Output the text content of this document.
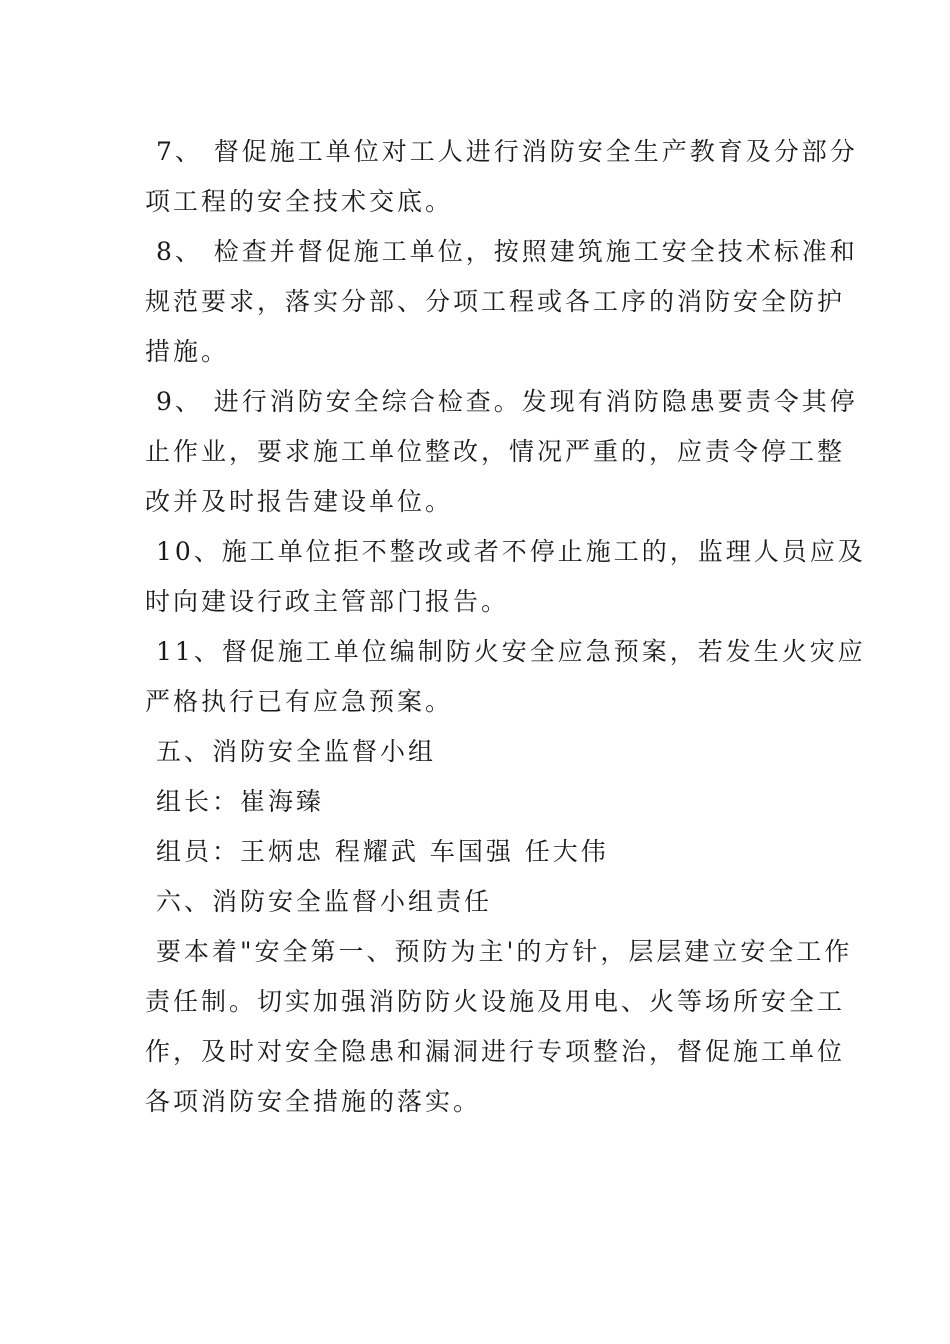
7、 督促施工单位对工人进行消防安全生产教育及分部分
项工程的安全技术交底。
8、 检查并督促施工单位，按照建筑施工安全技术标准和
规范要求，落实分部、分项工程或各工序的消防安全防护
措施。
9、 进行消防安全综合检查。发现有消防隐患要责令其停
止作业，要求施工单位整改，情况严重的，应责令停工整
改并及时报告建设单位。
10、施工单位拒不整改或者不停止施工的，监理人员应及
时向建设行政主管部门报告。
11、督促施工单位编制防火安全应急预案，若发生火灾应
严格执行已有应急预案。
五、消防安全监督小组
组长：崔海臻
组员：王炳忠 程耀武 车国强 任大伟
六、消防安全监督小组责任
要本着"安全第一、预防为主'的方针，层层建立安全工作
责任制。切实加强消防防火设施及用电、火等场所安全工
作，及时对安全隐患和漏洞进行专项整治，督促施工单位
各项消防安全措施的落实。
